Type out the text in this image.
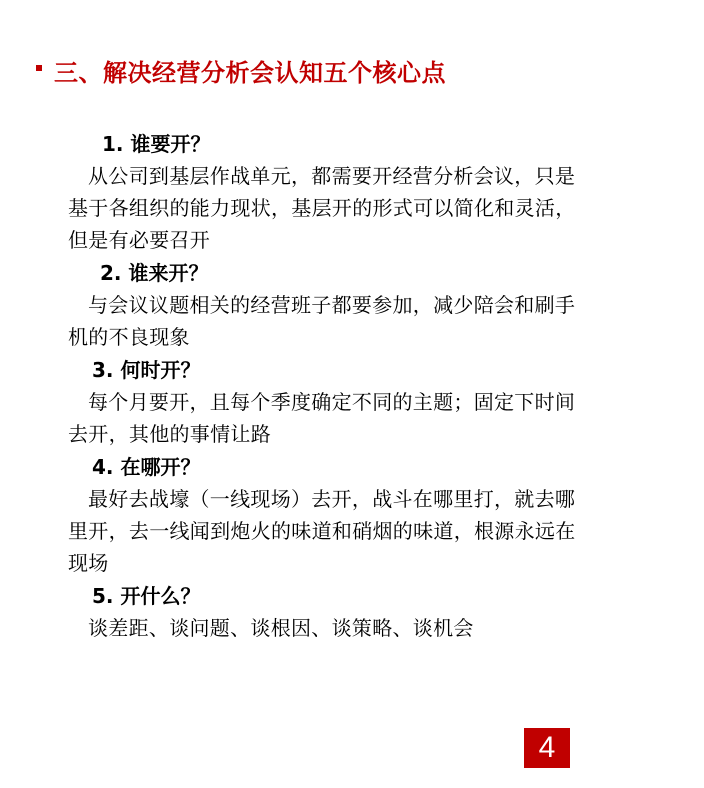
三、解决经营分析会认知五个核心点
1. 谁要开？
从公司到基层作战单元，都需要开经营分析会议，只是基于各组织的能力现状，基层开的形式可以简化和灵活，但是有必要召开
2. 谁来开？
与会议议题相关的经营班子都要参加，减少陪会和刷手机的不良现象
3. 何时开？
每个月要开，且每个季度确定不同的主题；固定下时间去开，其他的事情让路
4. 在哪开？
最好去战壕（一线现场）去开，战斗在哪里打，就去哪里开，去一线闻到炮火的味道和硝烟的味道，根源永远在现场
5. 开什么？
谈差距、谈问题、谈根因、谈策略、谈机会
4
